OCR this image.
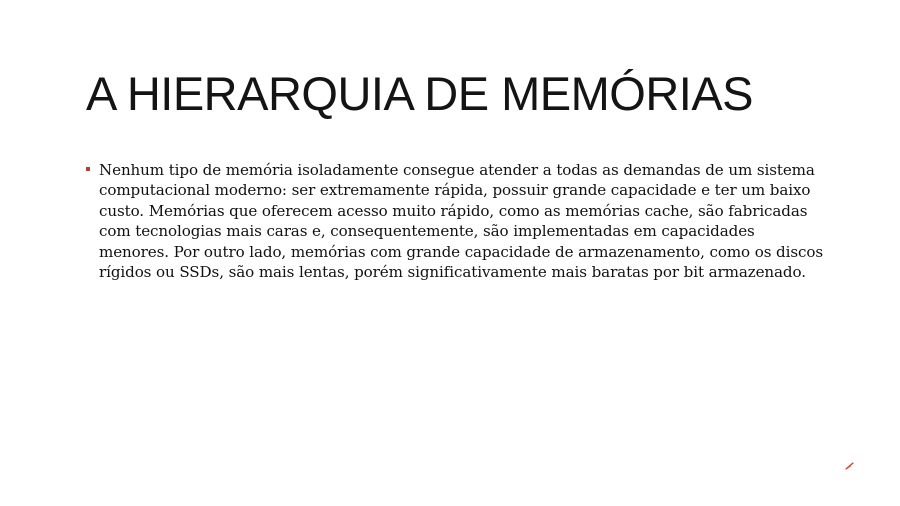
A HIERARQUIA DE MEMÓRIAS
Nenhum tipo de memória isoladamente consegue atender a todas as demandas de um sistema computacional moderno: ser extremamente rápida, possuir grande capacidade e ter um baixo custo. Memórias que oferecem acesso muito rápido, como as memórias cache, são fabricadas com tecnologias mais caras e, consequentemente, são implementadas em capacidades menores. Por outro lado, memórias com grande capacidade de armazenamento, como os discos rígidos ou SSDs, são mais lentas, porém significativamente mais baratas por bit armazenado.
